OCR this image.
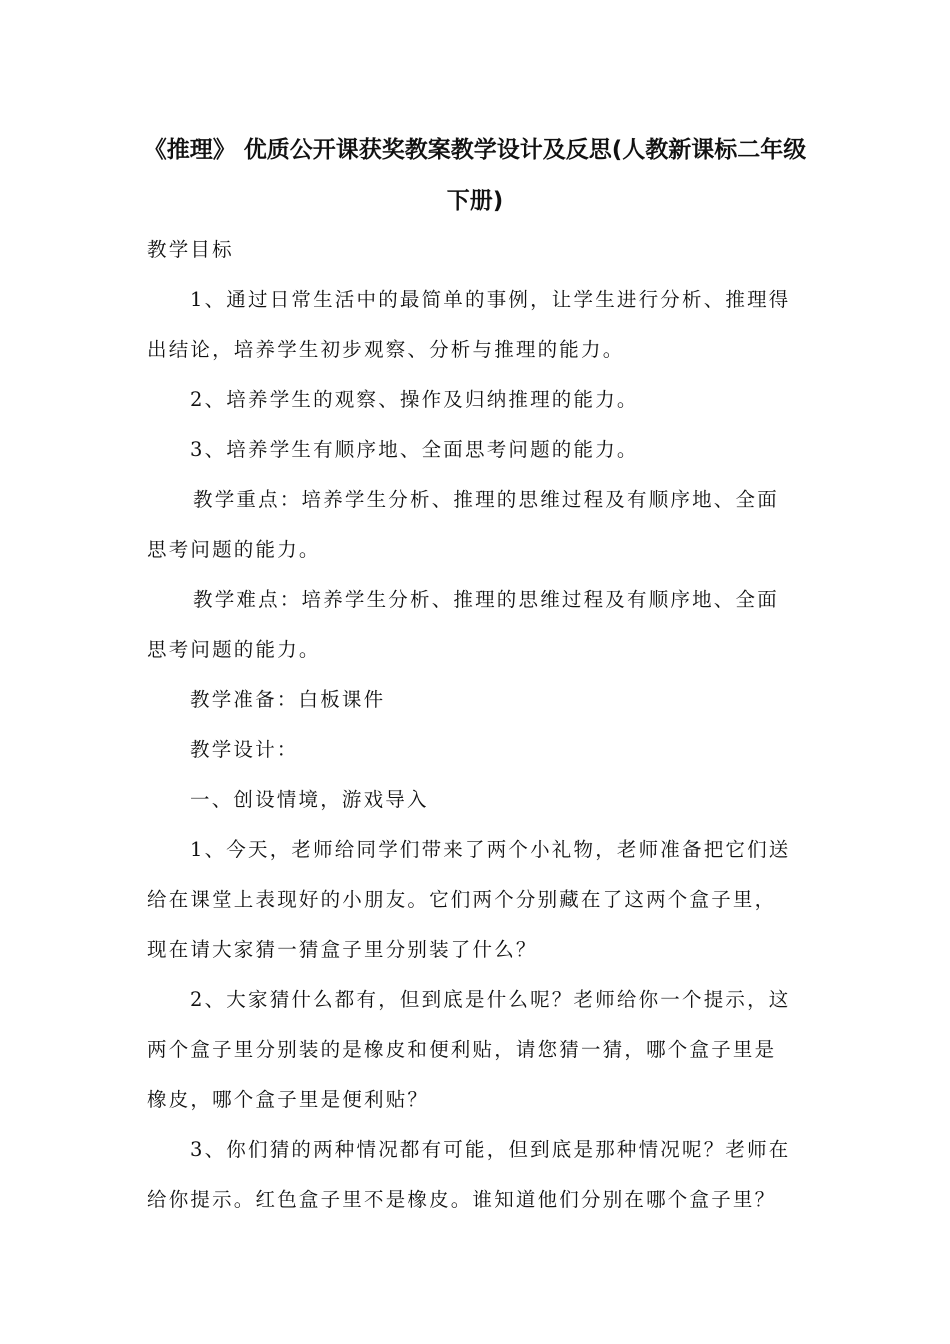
《推理》 优质公开课获奖教案教学设计及反思(人教新课标二年级
下册)
教学目标
1、通过日常生活中的最简单的事例，让学生进行分析、推理得
出结论，培养学生初步观察、分析与推理的能力。
2、培养学生的观察、操作及归纳推理的能力。
3、培养学生有顺序地、全面思考问题的能力。
教学重点：培养学生分析、推理的思维过程及有顺序地、全面
思考问题的能力。
教学难点：培养学生分析、推理的思维过程及有顺序地、全面
思考问题的能力。
教学准备：白板课件
教学设计：
一、创设情境，游戏导入
1、今天，老师给同学们带来了两个小礼物，老师准备把它们送
给在课堂上表现好的小朋友。它们两个分别藏在了这两个盒子里，
现在请大家猜一猜盒子里分别装了什么？
2、大家猜什么都有，但到底是什么呢？老师给你一个提示，这
两个盒子里分别装的是橡皮和便利贴，请您猜一猜，哪个盒子里是
橡皮，哪个盒子里是便利贴？
3、你们猜的两种情况都有可能，但到底是那种情况呢？老师在
给你提示。红色盒子里不是橡皮。谁知道他们分别在哪个盒子里？
